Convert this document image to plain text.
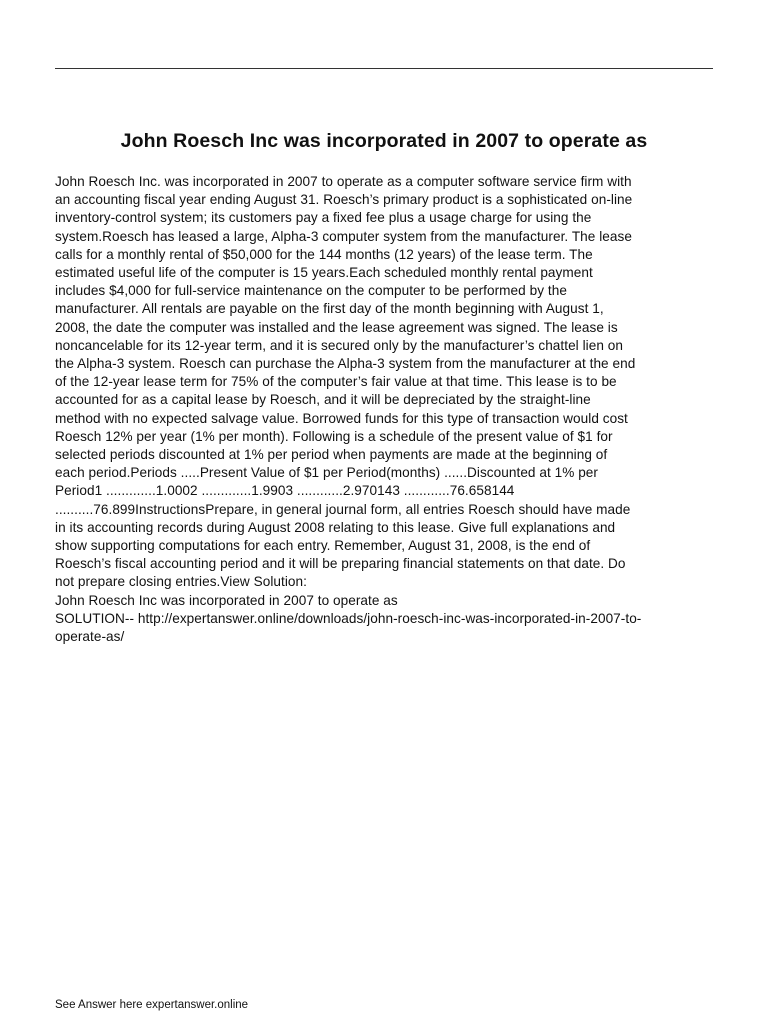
John Roesch Inc was incorporated in 2007 to operate as
John Roesch Inc. was incorporated in 2007 to operate as a computer software service firm with
an accounting fiscal year ending August 31. Roesch’s primary product is a sophisticated on-line
inventory-control system; its customers pay a fixed fee plus a usage charge for using the
system.Roesch has leased a large, Alpha-3 computer system from the manufacturer. The lease
calls for a monthly rental of $50,000 for the 144 months (12 years) of the lease term. The
estimated useful life of the computer is 15 years.Each scheduled monthly rental payment
includes $4,000 for full-service maintenance on the computer to be performed by the
manufacturer. All rentals are payable on the first day of the month beginning with August 1,
2008, the date the computer was installed and the lease agreement was signed. The lease is
noncancelable for its 12-year term, and it is secured only by the manufacturer’s chattel lien on
the Alpha-3 system. Roesch can purchase the Alpha-3 system from the manufacturer at the end
of the 12-year lease term for 75% of the computer’s fair value at that time. This lease is to be
accounted for as a capital lease by Roesch, and it will be depreciated by the straight-line
method with no expected salvage value. Borrowed funds for this type of transaction would cost
Roesch 12% per year (1% per month). Following is a schedule of the present value of $1 for
selected periods discounted at 1% per period when payments are made at the beginning of
each period.Periods .....Present Value of $1 per Period(months) ......Discounted at 1% per
Period1 .............1.0002 .............1.9903 ............2.970143 ............76.658144
..........76.899InstructionsPrepare, in general journal form, all entries Roesch should have made
in its accounting records during August 2008 relating to this lease. Give full explanations and
show supporting computations for each entry. Remember, August 31, 2008, is the end of
Roesch’s fiscal accounting period and it will be preparing financial statements on that date. Do
not prepare closing entries.View Solution:
John Roesch Inc was incorporated in 2007 to operate as
SOLUTION-- http://expertanswer.online/downloads/john-roesch-inc-was-incorporated-in-2007-to-
operate-as/
See Answer here expertanswer.online
